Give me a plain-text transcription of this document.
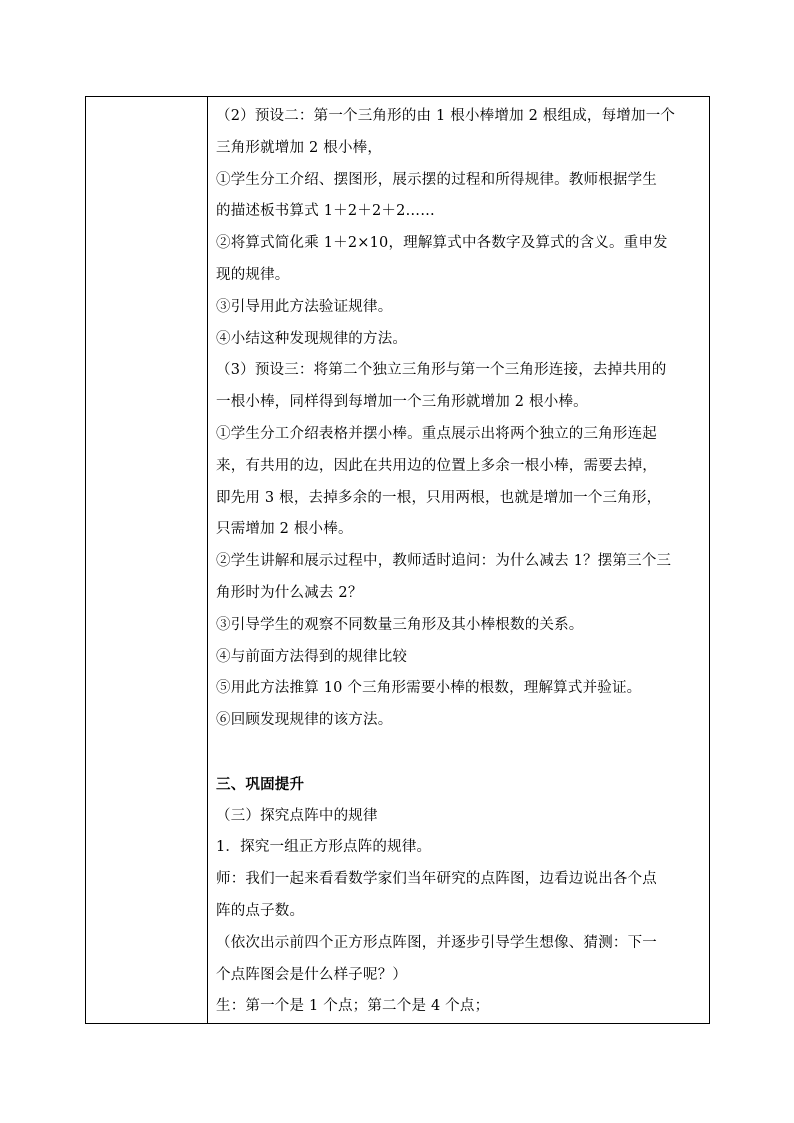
（2）预设二：第一个三角形的由 1 根小棒增加 2 根组成，每增加一个
三角形就增加 2 根小棒，
①学生分工介绍、摆图形，展示摆的过程和所得规律。教师根据学生
的描述板书算式 1＋2＋2＋2……
②将算式简化乘 1＋2×10，理解算式中各数字及算式的含义。重申发
现的规律。
③引导用此方法验证规律。
④小结这种发现规律的方法。
（3）预设三：将第二个独立三角形与第一个三角形连接，去掉共用的
一根小棒，同样得到每增加一个三角形就增加 2 根小棒。
①学生分工介绍表格并摆小棒。重点展示出将两个独立的三角形连起
来，有共用的边，因此在共用边的位置上多余一根小棒，需要去掉，
即先用 3 根，去掉多余的一根，只用两根，也就是增加一个三角形，
只需增加 2 根小棒。
②学生讲解和展示过程中，教师适时追问：为什么减去 1？摆第三个三
角形时为什么减去 2？
③引导学生的观察不同数量三角形及其小棒根数的关系。
④与前面方法得到的规律比较
⑤用此方法推算 10 个三角形需要小棒的根数，理解算式并验证。
⑥回顾发现规律的该方法。
三、巩固提升
（三）探究点阵中的规律
1．探究一组正方形点阵的规律。
师：我们一起来看看数学家们当年研究的点阵图，边看边说出各个点
阵的点子数。
（依次出示前四个正方形点阵图，并逐步引导学生想像、猜测：下一
个点阵图会是什么样子呢？）
生：第一个是 1 个点；第二个是 4 个点；
